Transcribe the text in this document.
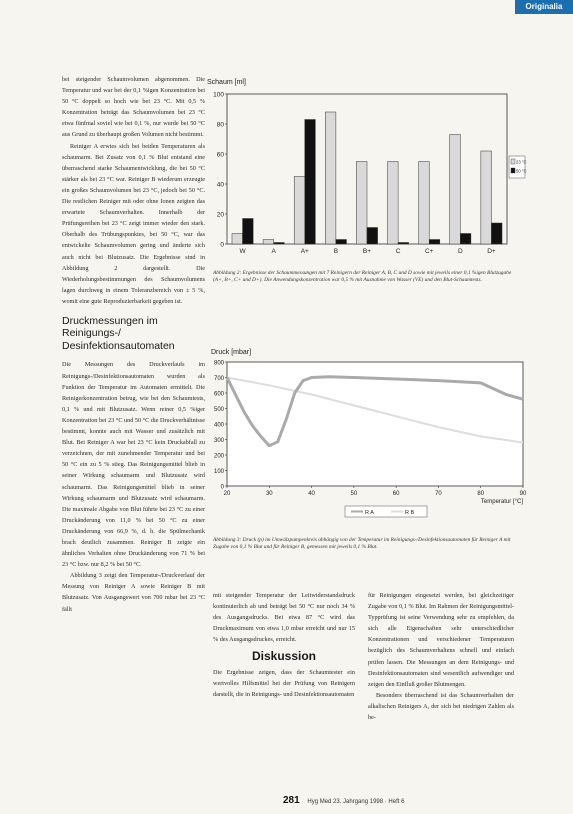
Originalia

bei steigender Schaumvolumen abgenommen. Die Temperatur und war bei der 0,1 %igen Konzentration bei 50 °C doppelt so hoch wie bei 23 °C. Mit 0,5 % Konzentration beträgt das Schaumvolumen bei 23 °C etwa fünfmal soviel wie bei 0,1 %, nur wurde bei 50 °C aus Grund zu überhaupt großen Volumen nicht bestimmt.

Reiniger A erwies sich bei beiden Temperaturen als schaumarm. Bei Zusatz von 0,1 % Blut entstand eine überraschend starke Schaumentwicklung, die bei 50 °C stärker als bei 23 °C war. Reiniger B wiederum erzeugte ein großes Schaumvolumen bei 23 °C, jedoch bei 50 °C. Die restlichen Reiniger mit oder ohne Ionen zeigten das erwartete Schaumverhalten. Innerhalb der Prüfungsreihen bei 23 °C zeigt immer wieder den stark. Oberhalb des Trübungspunktes, bei 50 °C, war das entwickelte Schaumvolumen gering und änderte sich auch nicht bei Blutzusatz. Die Ergebnisse sind in Abbildung 2 dargestellt. Die Wiederholungsbestimmungen des Schaumvolumens lagen durchweg in einem Toleranzbereich von ± 5 %, womit eine gute Reproduzierbarkeit gegeben ist.

Druckmessungen im Reinigungs-/ Desinfektionsautomaten

Die Messungen des Druckverlaufs im Reinigungs-/Desinfektionsautomaten wurden als Funktion der Temperatur im Automaten ermittelt. Die Reinigerkonzentration betrug, wie bei den Schaumtests, 0,1 % und mit Blutzusatz. Wenn reiner 0,5 %iger Konzentration bei 23 °C und 50 °C die Druckverhältnisse bestimmt, konnte auch mit Wasser und zusätzlich mit Blut. Bei Reiniger A war bei 23 °C kein Druckabfall zu verzeichnen, der mit zunehmender Temperatur und bei 50 °C ein zu 5 % stieg. Das Reinigungsmittel blieb in seiner Wirkung schaumarm und Blutzusatz wird schaumarm. Das Reinigungsmittel blieb in seiner Wirkung schaumarm und Blutzusatz wird schaumarm. Die maximale Abgabe von Blut führte bei 23 °C zu einer Druckänderung von 11,0 % bei 50 °C zu einer Druckänderung von 66,9 %, d. h. die Spülmechanik brach deutlich zusammen. Reiniger B zeigte ein ähnliches Verhalten ohne Druckänderung von 71 % bei 23 °C bzw. nur 8,2 % bei 50 °C.

Abbildung 3 zeigt den Temperatur-/Druckverlauf der Messung von Reiniger A sowie Reiniger B mit Blutzusatz. Von Ausgangswert von 700 mbar bei 23 °C fällt

Schaum [ml]
0
20
40
60
80
100
W	A	A+	B	B+	C	C+	D	D+
23 °C
50 °C
Abbildung 2: Ergebnisse der Schaummessungen mit 7 Reinigern der Reiniger A, B, C und D sowie mit jeweils einer 0,1 %igen Blutzugabe (A+, B+, C+ und D+). Die Anwendungskonzentration war 0,5 % mit Ausnahme von Wasser (VE) und den Blut-Schaumtests.
Druck [mbar]
0
100
200
300
400
500
600
700
800
20	30	40	50	60	70	80	90
Temperatur [°C]
R A	R B
Abbildung 3: Druck (p) im Umwälzpumpenkreis abhängig von der Temperatur im Reinigungs-/Desinfektionsautomaten für Reiniger A mit Zugabe von 0,1 % Blut und für Reiniger B, gemessen mit jeweils 0,1 % Blut.

mit steigender Temperatur der Leitwiderstandsdruck kontinuierlich ab und beträgt bei 50 °C nur noch 34 % des Ausgangsdrucks. Bei etwa 87 °C wird das Druckmaximum von etwa 1,0 mbar erreicht und nur 15 % des Ausgangsdruckes, erreicht.

Diskussion

Die Ergebnisse zeigen, dass der Schaumtester ein wertvolles Hilfsmittel bei der Prüfung von Reinigern darstellt, die in Reinigungs- und Desinfektionsautomaten

für Reinigungen eingesetzt werden, bei gleichzeitiger Zugabe von 0,1 % Blut. Im Rahmen der Reinigungsmittel-Typprüfung ist seine Verwendung sehr zu empfehlen, da sich alle Eigenschaften sehr unterschiedlicher Konzentrationen und verschiedener Temperaturen bezüglich des Schaumverhaltens schnell und einfach prüfen lassen. Die Messungen an dem Reinigungs- und Desinfektionsautomaten sind wesentlich aufwendiger und zeigen den Einfluß großer Blutmengen.

Besonders überraschend ist das Schaumverhalten der alkalischen Reinigers A, der sich bei niedrigen Zahlen als be-

281 Hyg Med 23. Jahrgang 1998 · Heft 6
